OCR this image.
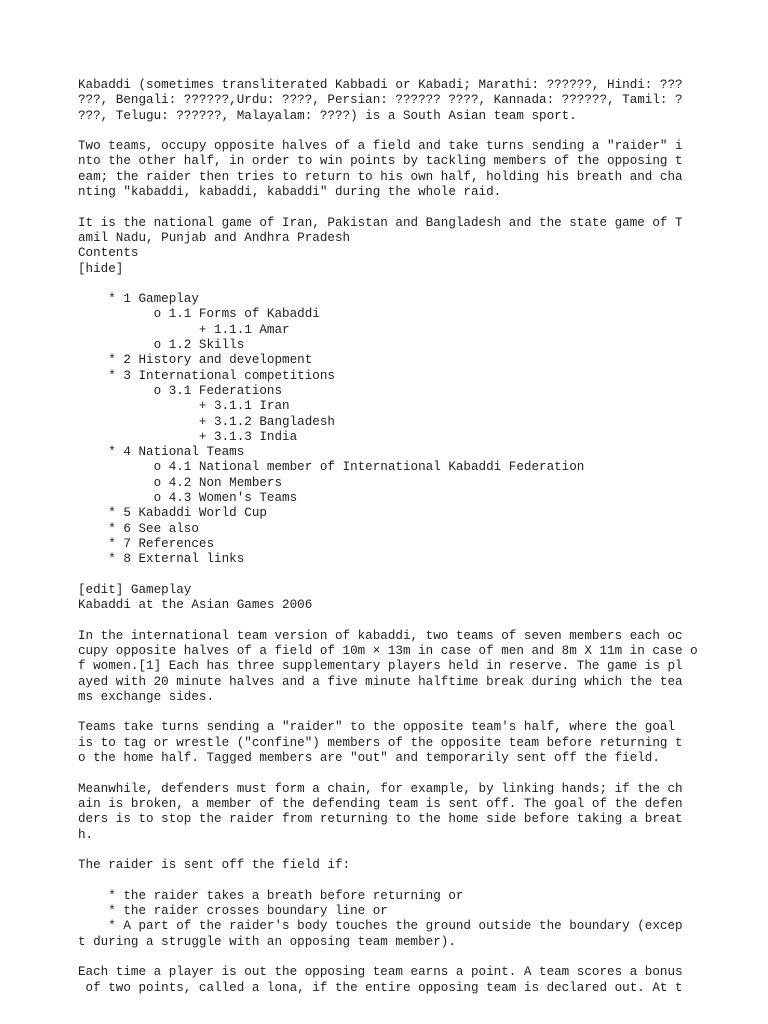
Kabaddi (sometimes transliterated Kabbadi or Kabadi; Marathi: ??????, Hindi: ???
???, Bengali: ??????,Urdu: ????, Persian: ?????? ????, Kannada: ??????, Tamil: ?
???, Telugu: ??????, Malayalam: ????) is a South Asian team sport.

Two teams, occupy opposite halves of a field and take turns sending a "raider" i
nto the other half, in order to win points by tackling members of the opposing t
eam; the raider then tries to return to his own half, holding his breath and cha
nting "kabaddi, kabaddi, kabaddi" during the whole raid.

It is the national game of Iran, Pakistan and Bangladesh and the state game of T
amil Nadu, Punjab and Andhra Pradesh
Contents
[hide]

* 1 Gameplay
o 1.1 Forms of Kabaddi
+ 1.1.1 Amar
o 1.2 Skills
* 2 History and development
* 3 International competitions
o 3.1 Federations
+ 3.1.1 Iran
+ 3.1.2 Bangladesh
+ 3.1.3 India
* 4 National Teams
o 4.1 National member of International Kabaddi Federation
o 4.2 Non Members
o 4.3 Women's Teams
* 5 Kabaddi World Cup
* 6 See also
* 7 References
* 8 External links

[edit] Gameplay
Kabaddi at the Asian Games 2006

In the international team version of kabaddi, two teams of seven members each oc
cupy opposite halves of a field of 10m × 13m in case of men and 8m X 11m in case o
f women.[1] Each has three supplementary players held in reserve. The game is pl
ayed with 20 minute halves and a five minute halftime break during which the tea
ms exchange sides.

Teams take turns sending a "raider" to the opposite team's half, where the goal
is to tag or wrestle ("confine") members of the opposite team before returning t
o the home half. Tagged members are "out" and temporarily sent off the field.

Meanwhile, defenders must form a chain, for example, by linking hands; if the ch
ain is broken, a member of the defending team is sent off. The goal of the defen
ders is to stop the raider from returning to the home side before taking a breat
h.

The raider is sent off the field if:

* the raider takes a breath before returning or
* the raider crosses boundary line or
* A part of the raider's body touches the ground outside the boundary (excep
t during a struggle with an opposing team member).

Each time a player is out the opposing team earns a point. A team scores a bonus
of two points, called a lona, if the entire opposing team is declared out. At t
